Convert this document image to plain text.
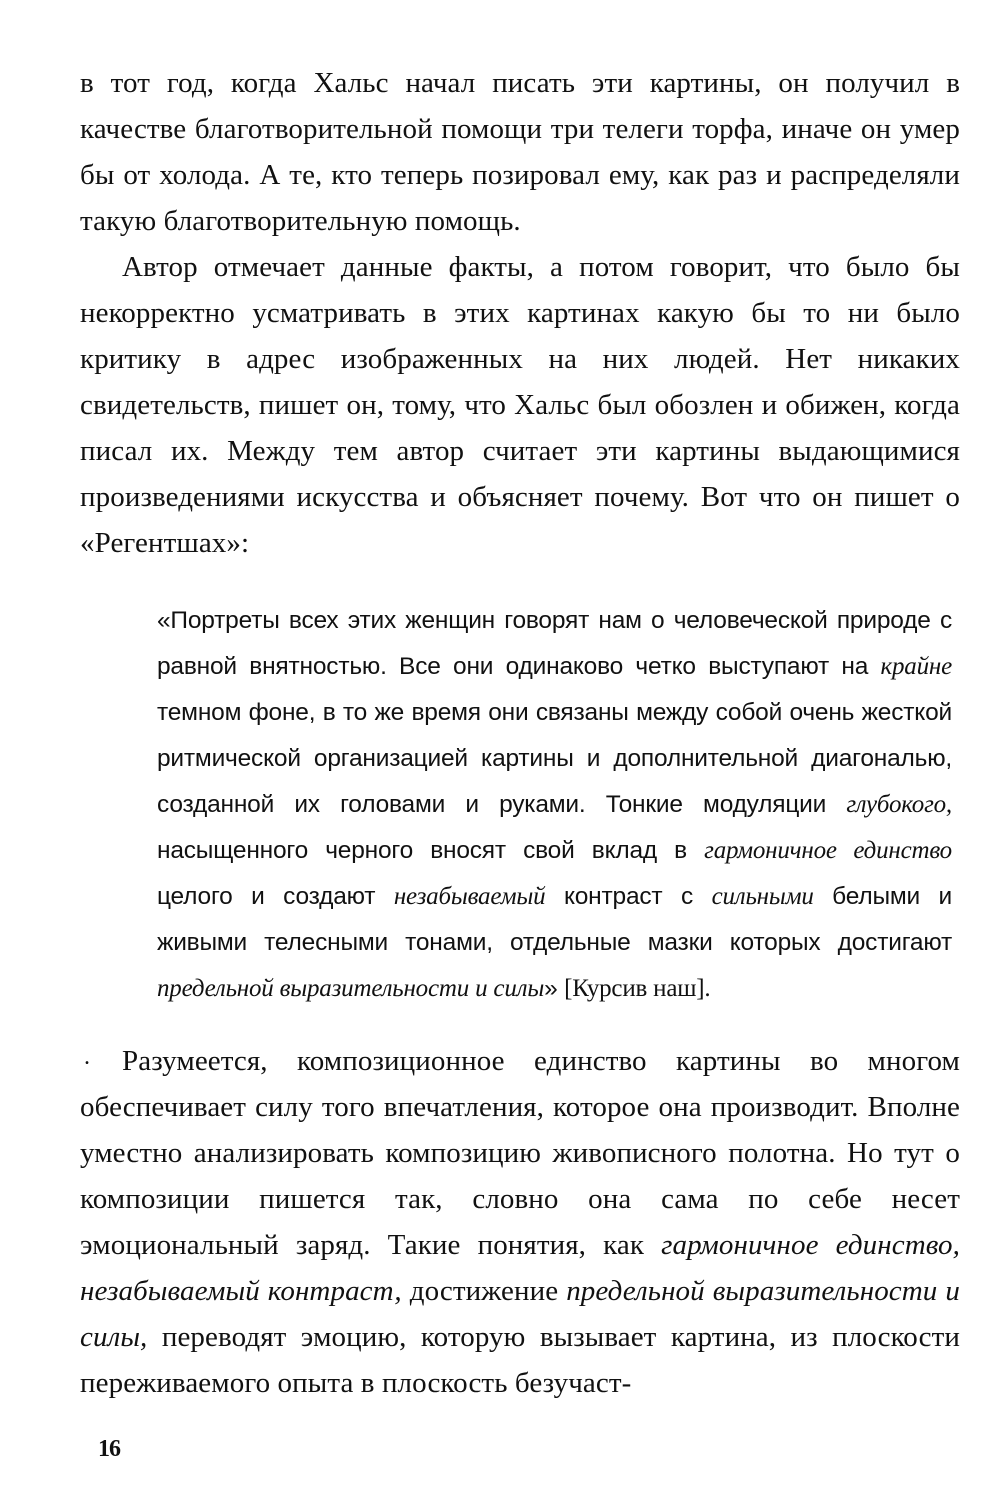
в тот год, когда Хальс начал писать эти картины, он получил в качестве благотворительной помощи три телеги торфа, иначе он умер бы от холода. А те, кто теперь позировал ему, как раз и распределяли такую благотворительную помощь.

Автор отмечает данные факты, а потом говорит, что было бы некорректно усматривать в этих картинах какую бы то ни было критику в адрес изображенных на них людей. Нет никаких свидетельств, пишет он, тому, что Хальс был обозлен и обижен, когда писал их. Между тем автор считает эти картины выдающимися произведениями искусства и объясняет почему. Вот что он пишет о «Регентшах»:

«Портреты всех этих женщин говорят нам о человеческой природе с равной внятностью. Все они одинаково четко выступают на крайне темном фоне, в то же время они связаны между собой очень жесткой ритмической организацией картины и дополнительной диагональю, созданной их головами и руками. Тонкие модуляции глубокого, насыщенного черного вносят свой вклад в гармоничное единство целого и создают незабываемый контраст с сильными белыми и живыми телесными тонами, отдельные мазки которых достигают предельной выразительности и силы» [Курсив наш].
.	Разумеется, композиционное единство картины во многом обеспечивает силу того впечатления, которое она производит. Вполне уместно анализировать композицию живописного полотна. Но тут о композиции пишется так, словно она сама по себе несет эмоциональный заряд. Такие понятия, как гармоничное единство, незабываемый контраст, достижение предельной выразительности и силы, переводят эмоцию, которую вызывает картина, из плоскости переживаемого опыта в плоскость безучаст-

16
